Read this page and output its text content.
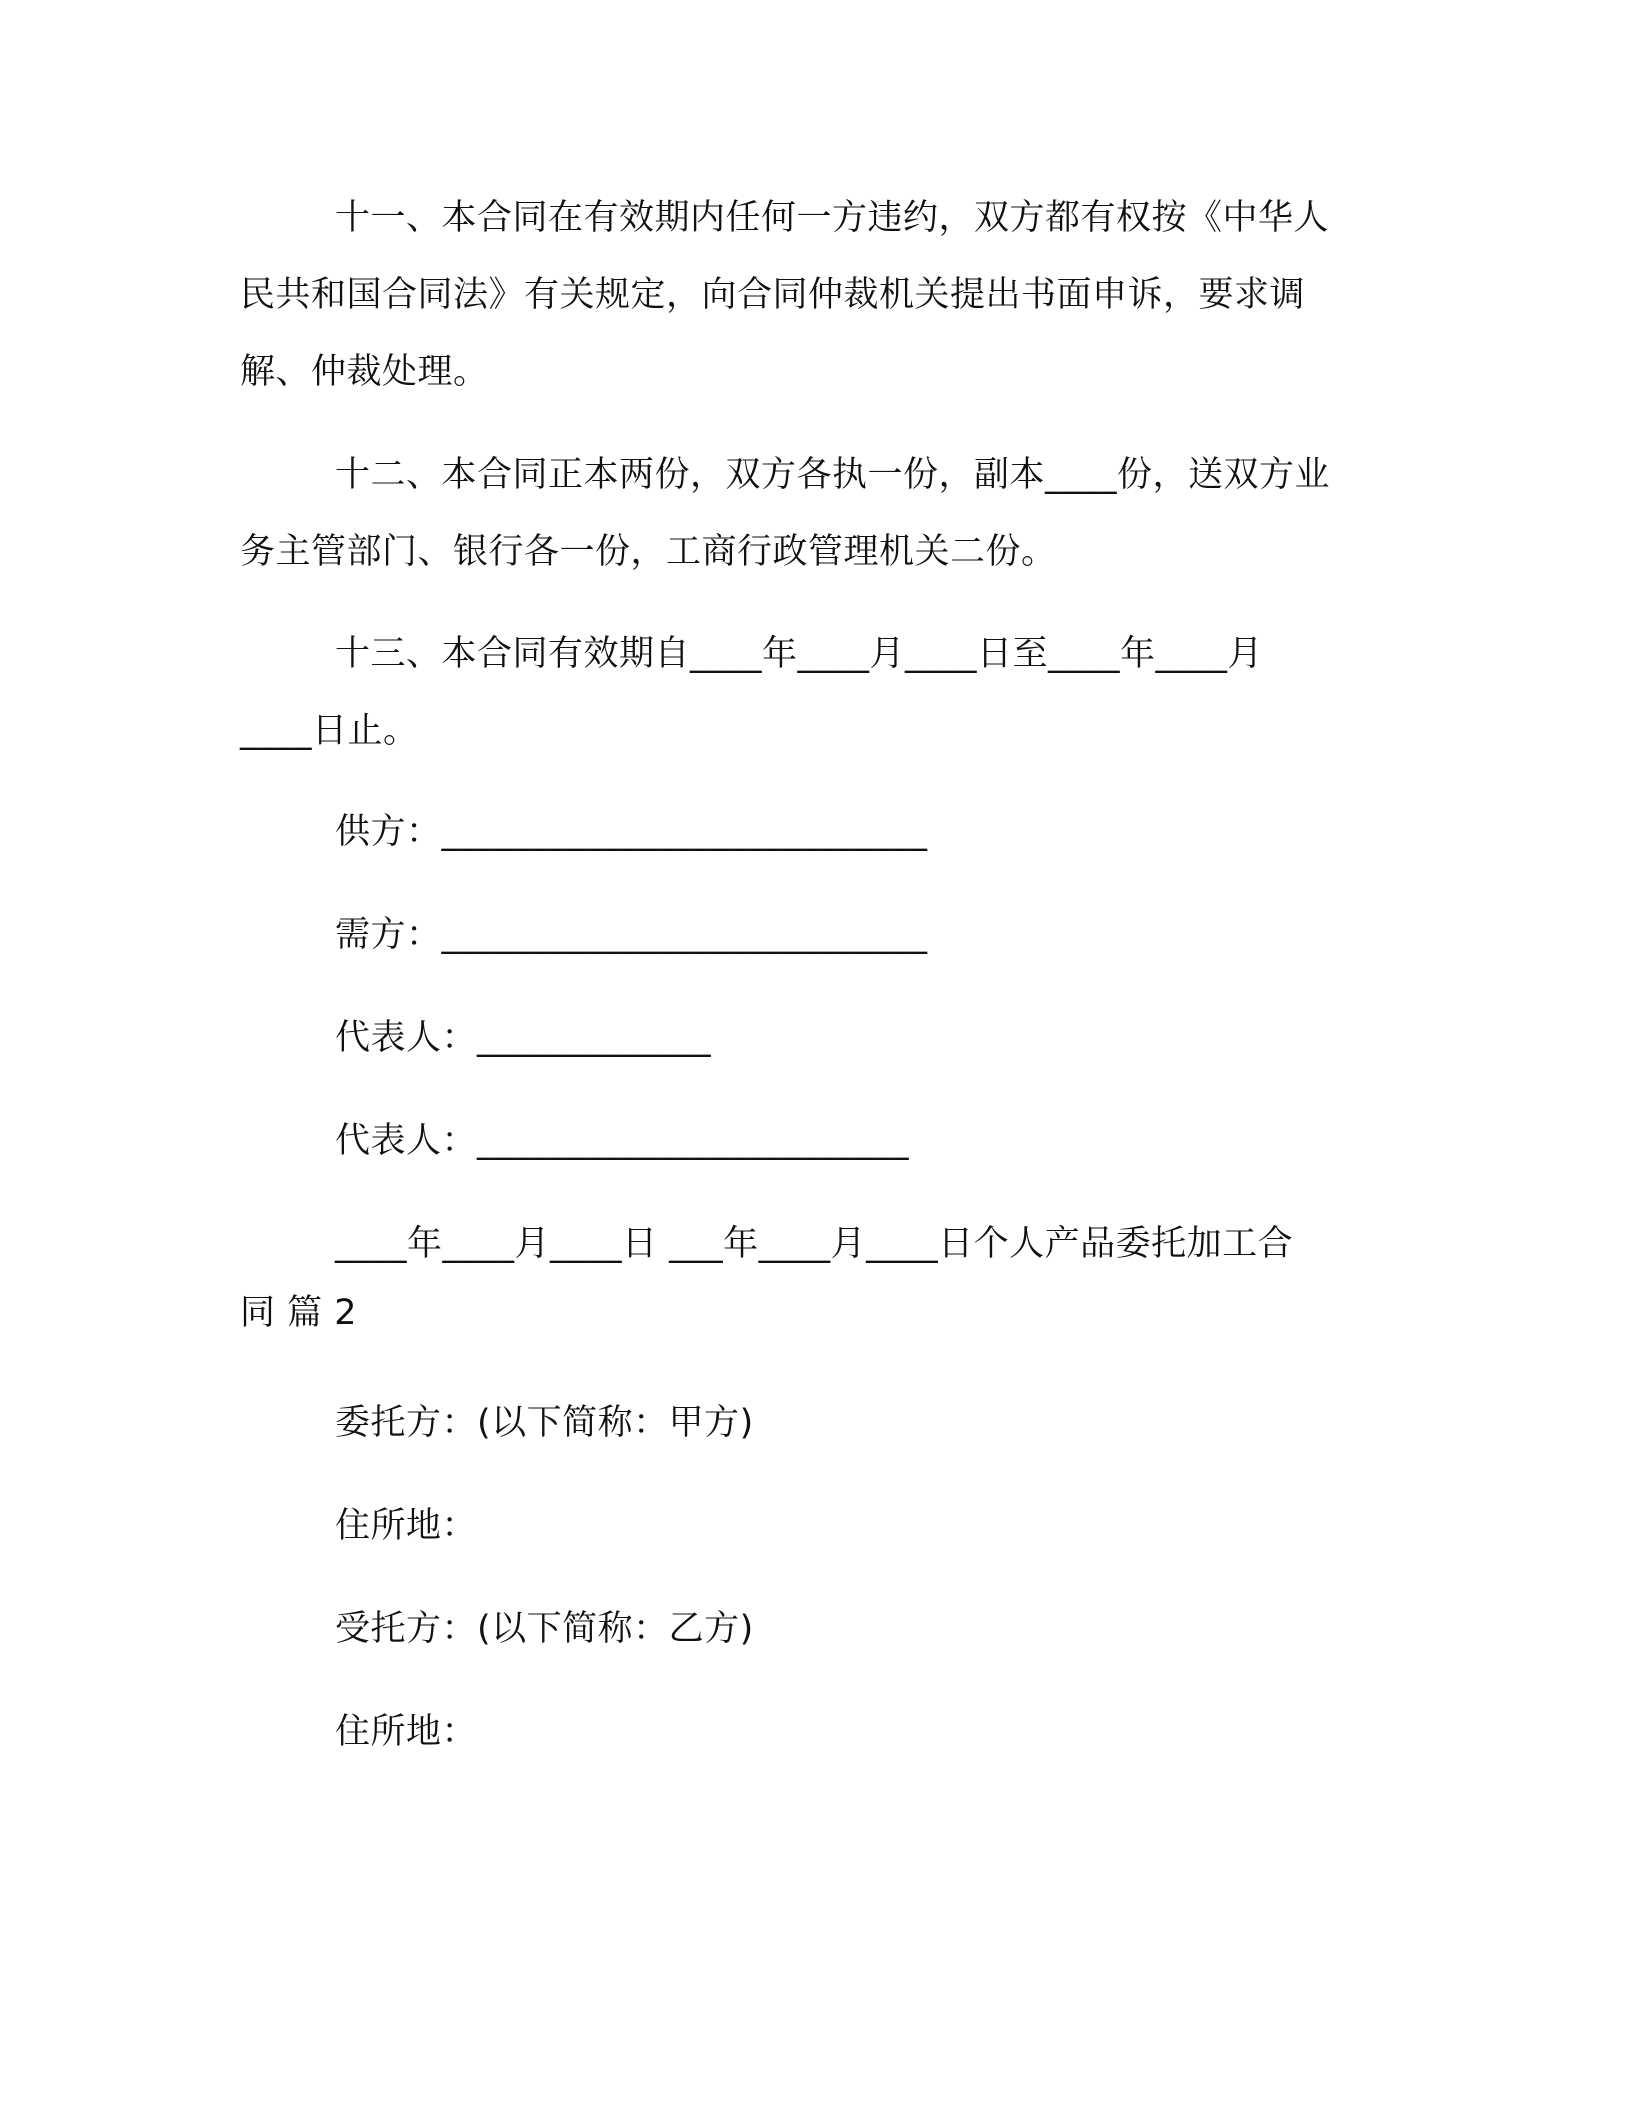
十一、本合同在有效期内任何一方违约，双方都有权按《中华人
民共和国合同法》有关规定，向合同仲裁机关提出书面申诉，要求调
解、仲裁处理。

十二、本合同正本两份，双方各执一份，副本____份，送双方业
务主管部门、银行各一份，工商行政管理机关二份。

十三、本合同有效期自____年____月____日至____年____月
____日止。

供方：___________________________

需方：___________________________

代表人：_____________

代表人：________________________

____年____月____日 ___年____月____日个人产品委托加工合
同 篇 2

委托方：(以下简称：甲方)

住所地：

受托方：(以下简称：乙方)

住所地：
